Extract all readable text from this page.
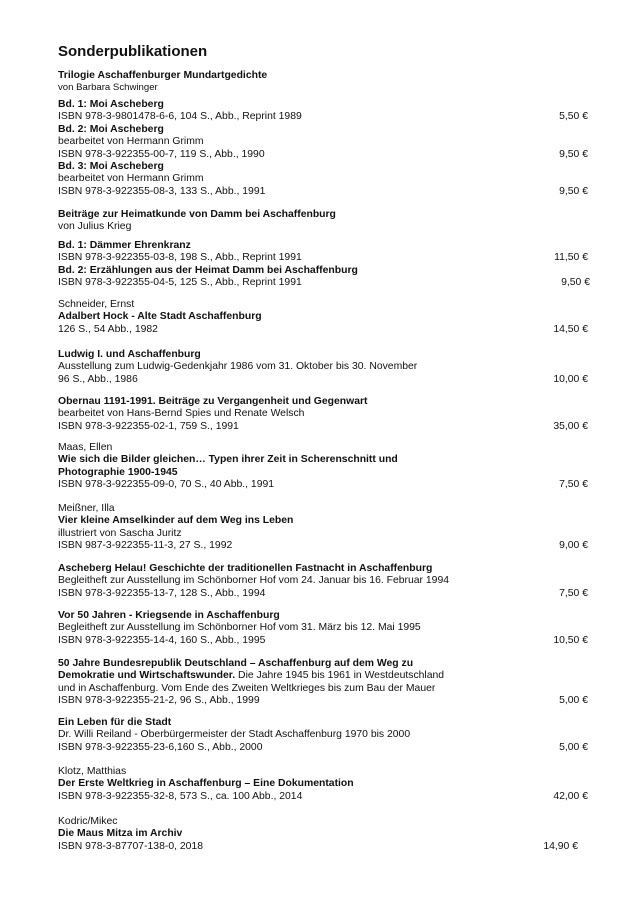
Sonderpublikationen
Trilogie Aschaffenburger Mundartgedichte
von Barbara Schwinger
Bd. 1: Moi Ascheberg
ISBN 978-3-9801478-6-6, 104 S., Abb., Reprint 1989	5,50 €
Bd. 2: Moi Ascheberg
bearbeitet von Hermann Grimm
ISBN 978-3-922355-00-7, 119 S., Abb., 1990	9,50 €
Bd. 3: Moi Ascheberg
bearbeitet von Hermann Grimm
ISBN 978-3-922355-08-3, 133 S., Abb., 1991	9,50 €
Beiträge zur Heimatkunde von Damm bei Aschaffenburg
von Julius Krieg
Bd. 1: Dämmer Ehrenkranz
ISBN 978-3-922355-03-8, 198 S., Abb., Reprint 1991	11,50 €
Bd. 2: Erzählungen aus der Heimat Damm bei Aschaffenburg
ISBN 978-3-922355-04-5, 125 S., Abb., Reprint 1991	9,50 €
Schneider, Ernst
Adalbert Hock - Alte Stadt Aschaffenburg
126 S., 54 Abb., 1982	14,50 €
Ludwig I. und Aschaffenburg
Ausstellung zum Ludwig-Gedenkjahr 1986 vom 31. Oktober bis 30. November
96 S., Abb., 1986	10,00 €
Obernau 1191-1991. Beiträge zu Vergangenheit und Gegenwart
bearbeitet von Hans-Bernd Spies und Renate Welsch
ISBN 978-3-922355-02-1, 759 S., 1991	35,00 €
Maas, Ellen
Wie sich die Bilder gleichen… Typen ihrer Zeit in Scherenschnitt und
Photographie 1900-1945
ISBN 978-3-922355-09-0, 70 S., 40 Abb., 1991	7,50 €
Meißner, Illa
Vier kleine Amselkinder auf dem Weg ins Leben
illustriert von Sascha Juritz
ISBN 987-3-922355-11-3, 27 S., 1992	9,00 €
Ascheberg Helau! Geschichte der traditionellen Fastnacht in Aschaffenburg
Begleitheft zur Ausstellung im Schönborner Hof vom 24. Januar bis 16. Februar 1994
ISBN 978-3-922355-13-7, 128 S., Abb., 1994	7,50 €
Vor 50 Jahren - Kriegsende in Aschaffenburg
Begleitheft zur Ausstellung im Schönborner Hof vom 31. März bis 12. Mai 1995
ISBN 978-3-922355-14-4, 160 S., Abb., 1995	10,50 €
50 Jahre Bundesrepublik Deutschland – Aschaffenburg auf dem Weg zu
Demokratie und Wirtschaftswunder. Die Jahre 1945 bis 1961 in Westdeutschland
und in Aschaffenburg. Vom Ende des Zweiten Weltkrieges bis zum Bau der Mauer
ISBN 978-3-922355-21-2, 96 S., Abb., 1999	5,00 €
Ein Leben für die Stadt
Dr. Willi Reiland - Oberbürgermeister der Stadt Aschaffenburg 1970 bis 2000
ISBN 978-3-922355-23-6,160 S., Abb., 2000	5,00 €
Klotz, Matthias
Der Erste Weltkrieg in Aschaffenburg – Eine Dokumentation
ISBN 978-3-922355-32-8, 573 S., ca. 100 Abb., 2014	42,00 €
Kodric/Mikec
Die Maus Mitza im Archiv
ISBN 978-3-87707-138-0, 2018	14,90 €
